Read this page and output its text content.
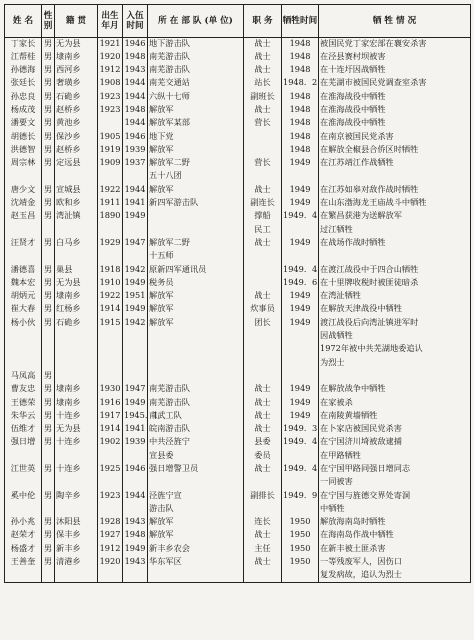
姓 名	性别	籍 贯	出生年月	入伍时间	所 在 部 队 (单 位)	职 务	牺牲时间	牺 牲 情 况
丁家长	男	无为县	1921	1946	地下游击队	战士	1948	被国民党丁家宏部在襄安杀害
江帮桂	男	埭南乡	1920	1948	南芜游击队	战士	1948	在泾县赛村坝被害
孙德海	男	西河乡	1912	1943	南芜游击队	战士	1948	在十连圩因战牺牲
张廷长	男	奢璜乡	1908	1944	南芜交通站	站长	1948．2	在芜湖市被国民党调查室杀害
孙忠良	男	石硊乡	1923	1944	六纵十七师	副班长	1948	在淮海战役中牺牲
杨成茂	男	赵桥乡	1923	1948	解放军	战士	1948	在淮海战役中牺牲
潘要文	男	黄池乡		1944	解放军某部	营长	1948	在淮海战役中牺牲
胡德长	男	保沙乡	1905	1946	地下党		1948	在南京被国民党杀害
洪德智	男	赵桥乡	1919	1939	解放军		1948	在解放全椒县合侨区时牺牲
周宗林	男	定远县	1909	1937	解放军二野	营长	1949	在江苏靖江作战牺牲
					五十八团			
唐少文	男	宣城县	1922	1944	解放军	战士	1949	在江苏如皋对敌作战时牺牲
沈靖金	男	欧和乡	1911	1941	新四军游击队	副连长	1949	在山东渤海龙王庙战斗中牺牲
赵玉昌	男	湾沚镇	1890	1949		撑船	1949．4	在繁昌获港为送解放军
						民工		过江牺牲
汪贤才	男	白马乡	1929	1947	解放军二野	战士	1949	在战场作战时牺牲
					十五师			
潘德喜	男	巢县	1918	1942	原新四军通讯员		1949．4	在渡江战役中于四合山牺牲
魏本宏	男	无为县	1910	1949	税务员		1949．6	在十里牌收税时被匪徒暗杀
胡炳元	男	埭南乡	1922	1951	解放军	战士	1949	在湾沚牺牲
崔大春	男	红杨乡	1914	1949	解放军	炊事员	1949	在解放天津战役中牺牲
杨小伙	男	石硊乡	1915	1942	解放军	团长	1949	渡江战役后向湾沚镇进军时
								因战牺牲
								1972年被中共芜湖地委追认
								为烈士
马凤高	男							
曹友忠	男	埭南乡	1930	1947	南芜游击队	战士	1949	在解放战争中牺牲
王德荣	男	埭南乡	1916	1949	南芜游击队	战士	1949	在家被杀
朱华云	男	十连乡	1917	1945．1	南武工队	战士	1949	在南陵黄墙牺牲
伍维才	男	无为县	1914	1941	皖南游击队	战士	1949．3	在卜家店被国民党杀害
强日增	男	十连乡	1902	1939	中共泾旌宁	县委	1949．4	在宁国济川埼被敌逮捕
					宣县委	委员		在甲路牺牲
江世英	男	十连乡	1925	1946	强日增警卫员	战士	1949．4	在宁国甲路同强日增同志
								一同被害
奚中伦	男	陶辛乡	1923	1944	泾旌宁宣	副排长	1949．9	在宁国与旌德交界处寄洞
					游击队			中牺牲
孙小兆	男	沐阳县	1928	1943	解放军	连长	1950	解放海南岛时牺牲
赵荣才	男	保丰乡	1927	1948	解放军	战士	1950	在海南岛作战中牺牲
杨盛才	男	新丰乡	1912	1949	新丰乡农会	主任	1950	在新丰被土匪杀害
王善奎	男	清港乡	1920	1943	华东军区	战士	1950	一等残废军人，因伤口
								复发病故，追认为烈士
